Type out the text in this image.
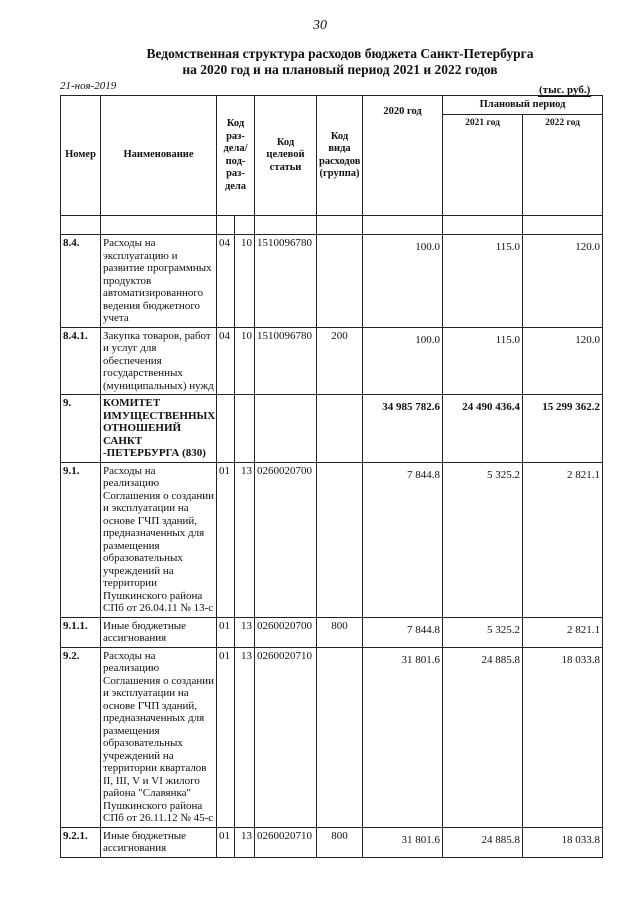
30
Ведомственная структура расходов бюджета Санкт-Петербурга
на 2020 год и на плановый период 2021 и 2022 годов
21-ноя-2019	(тыс. руб.)
Номер	Наименование	Код раз- дела/ под- раз- дела		Код целевой статьи	Код вида расходов (группа)	2020 год	Плановый период	
							2021 год	2022 год

8.4.	Расходы на эксплуатацию и развитие программных продуктов автоматизированного ведения бюджетного учета	04	10	1510096780		100.0	115.0	120.0
8.4.1.	Закупка товаров, работ и услуг для обеспечения государственных (муниципальных) нужд	04	10	1510096780	200	100.0	115.0	120.0
9.	КОМИТЕТ ИМУЩЕСТВЕННЫХ ОТНОШЕНИЙ САНКТ -ПЕТЕРБУРГА (830)					34 985 782.6	24 490 436.4	15 299 362.2
9.1.	Расходы на реализацию Соглашения о создании и эксплуатации на основе ГЧП зданий, предназначенных для размещения образовательных учреждений на территории Пушкинского района СПб от 26.04.11 № 13-с	01	13	0260020700		7 844.8	5 325.2	2 821.1
9.1.1.	Иные бюджетные ассигнования	01	13	0260020700	800	7 844.8	5 325.2	2 821.1
9.2.	Расходы на реализацию Соглашения о создании и эксплуатации на основе ГЧП зданий, предназначенных для размещения образовательных учреждений на территории кварталов II, III, V и VI жилого района "Славянка" Пушкинского района СПб от 26.11.12 № 45-с	01	13	0260020710		31 801.6	24 885.8	18 033.8
9.2.1.	Иные бюджетные ассигнования	01	13	0260020710	800	31 801.6	24 885.8	18 033.8
